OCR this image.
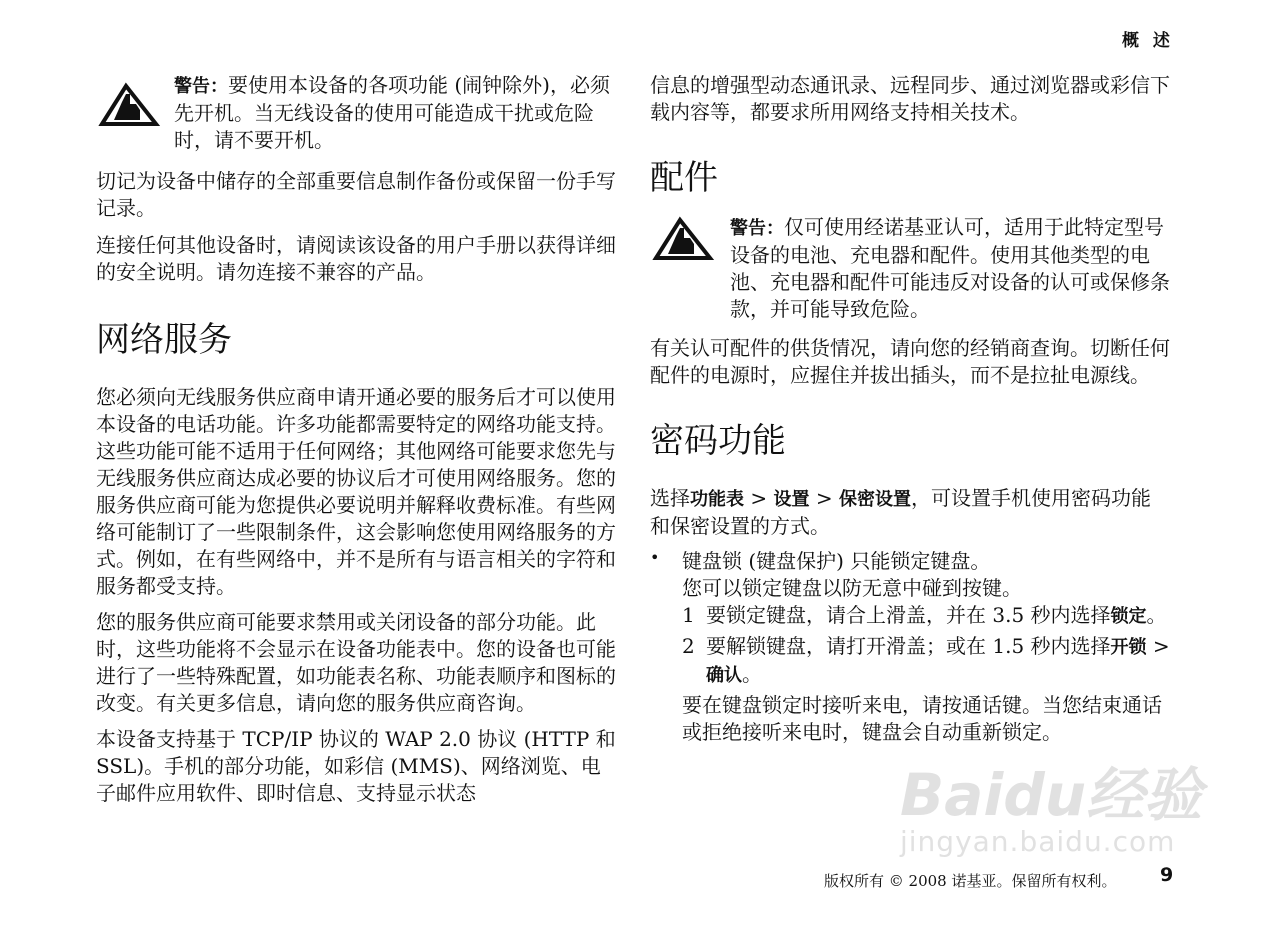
概 述

警告：要使用本设备的各项功能 (闹钟除外)，必须先开机。当无线设备的使用可能造成干扰或危险时，请不要开机。

切记为设备中储存的全部重要信息制作备份或保留一份手写记录。

连接任何其他设备时，请阅读该设备的用户手册以获得详细的安全说明。请勿连接不兼容的产品。

网络服务

您必须向无线服务供应商申请开通必要的服务后才可以使用本设备的电话功能。许多功能都需要特定的网络功能支持。这些功能可能不适用于任何网络；其他网络可能要求您先与无线服务供应商达成必要的协议后才可使用网络服务。您的服务供应商可能为您提供必要说明并解释收费标准。有些网络可能制订了一些限制条件，这会影响您使用网络服务的方式。例如，在有些网络中，并不是所有与语言相关的字符和服务都受支持。

您的服务供应商可能要求禁用或关闭设备的部分功能。此时，这些功能将不会显示在设备功能表中。您的设备也可能进行了一些特殊配置，如功能表名称、功能表顺序和图标的改变。有关更多信息，请向您的服务供应商咨询。

本设备支持基于 TCP/IP 协议的 WAP 2.0 协议 (HTTP 和 SSL)。手机的部分功能，如彩信 (MMS)、网络浏览、电子邮件应用软件、即时信息、支持显示状态

信息的增强型动态通讯录、远程同步、通过浏览器或彩信下载内容等，都要求所用网络支持相关技术。

配件

警告：仅可使用经诺基亚认可，适用于此特定型号设备的电池、充电器和配件。使用其他类型的电池、充电器和配件可能违反对设备的认可或保修条款，并可能导致危险。

有关认可配件的供货情况，请向您的经销商查询。切断任何配件的电源时，应握住并拔出插头，而不是拉扯电源线。

密码功能

选择功能表 > 设置 > 保密设置，可设置手机使用密码功能和保密设置的方式。

•	键盘锁 (键盘保护) 只能锁定键盘。

您可以锁定键盘以防无意中碰到按键。

1 要锁定键盘，请合上滑盖，并在 3.5 秒内选择锁定。

2 要解锁键盘，请打开滑盖；或在 1.5 秒内选择开锁 > 确认。

要在键盘锁定时接听来电，请按通话键。当您结束通话或拒绝接听来电时，键盘会自动重新锁定。

Baidu经验
jingyan.baidu.com
版权所有 © 2008 诺基亚。保留所有权利。 9
